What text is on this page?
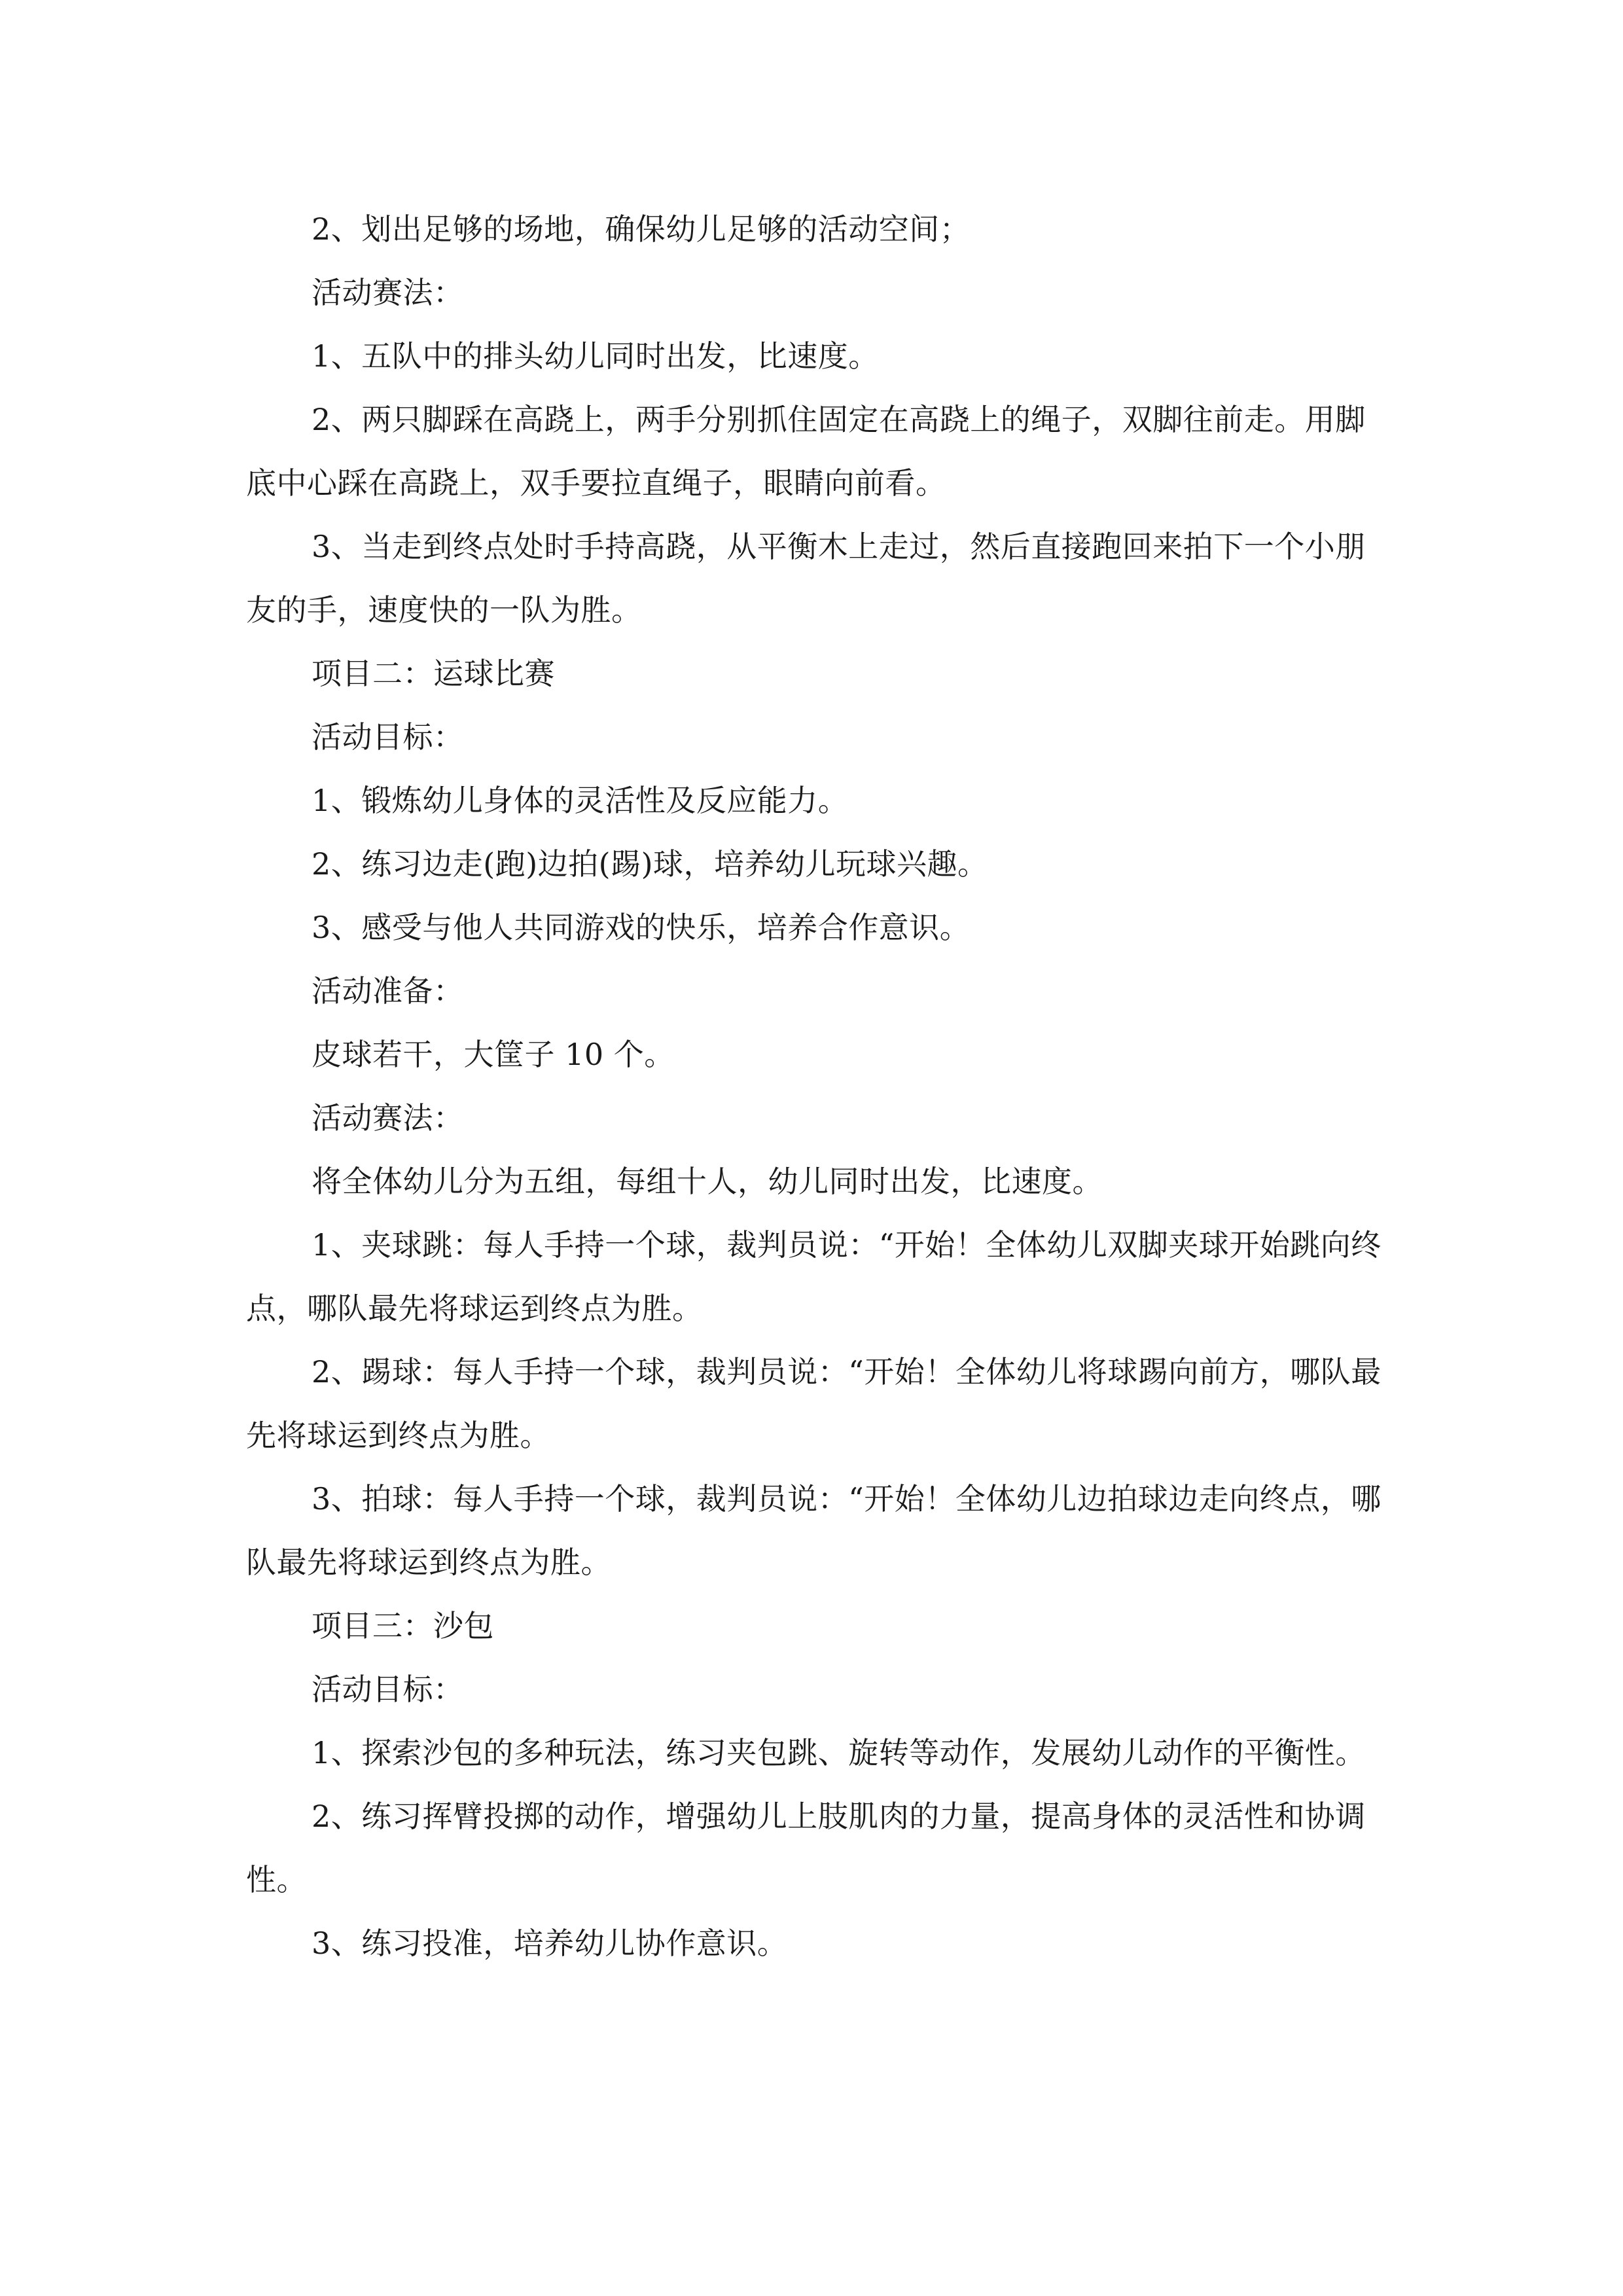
2、划出足够的场地，确保幼儿足够的活动空间；

活动赛法：

1、五队中的排头幼儿同时出发，比速度。

2、两只脚踩在高跷上，两手分别抓住固定在高跷上的绳子，双脚往前走。用脚底中心踩在高跷上，双手要拉直绳子，眼睛向前看。

3、当走到终点处时手持高跷，从平衡木上走过，然后直接跑回来拍下一个小朋友的手，速度快的一队为胜。

项目二：运球比赛

活动目标：

1、锻炼幼儿身体的灵活性及反应能力。

2、练习边走(跑)边拍(踢)球，培养幼儿玩球兴趣。

3、感受与他人共同游戏的快乐，培养合作意识。

活动准备：

皮球若干，大筐子 10 个。

活动赛法：

将全体幼儿分为五组，每组十人，幼儿同时出发，比速度。

1、夹球跳：每人手持一个球，裁判员说：“开始！全体幼儿双脚夹球开始跳向终点，哪队最先将球运到终点为胜。

2、踢球：每人手持一个球，裁判员说：“开始！全体幼儿将球踢向前方，哪队最先将球运到终点为胜。

3、拍球：每人手持一个球，裁判员说：“开始！全体幼儿边拍球边走向终点，哪队最先将球运到终点为胜。

项目三：沙包

活动目标：

1、探索沙包的多种玩法，练习夹包跳、旋转等动作，发展幼儿动作的平衡性。

2、练习挥臂投掷的动作，增强幼儿上肢肌肉的力量，提高身体的灵活性和协调性。

3、练习投准，培养幼儿协作意识。
